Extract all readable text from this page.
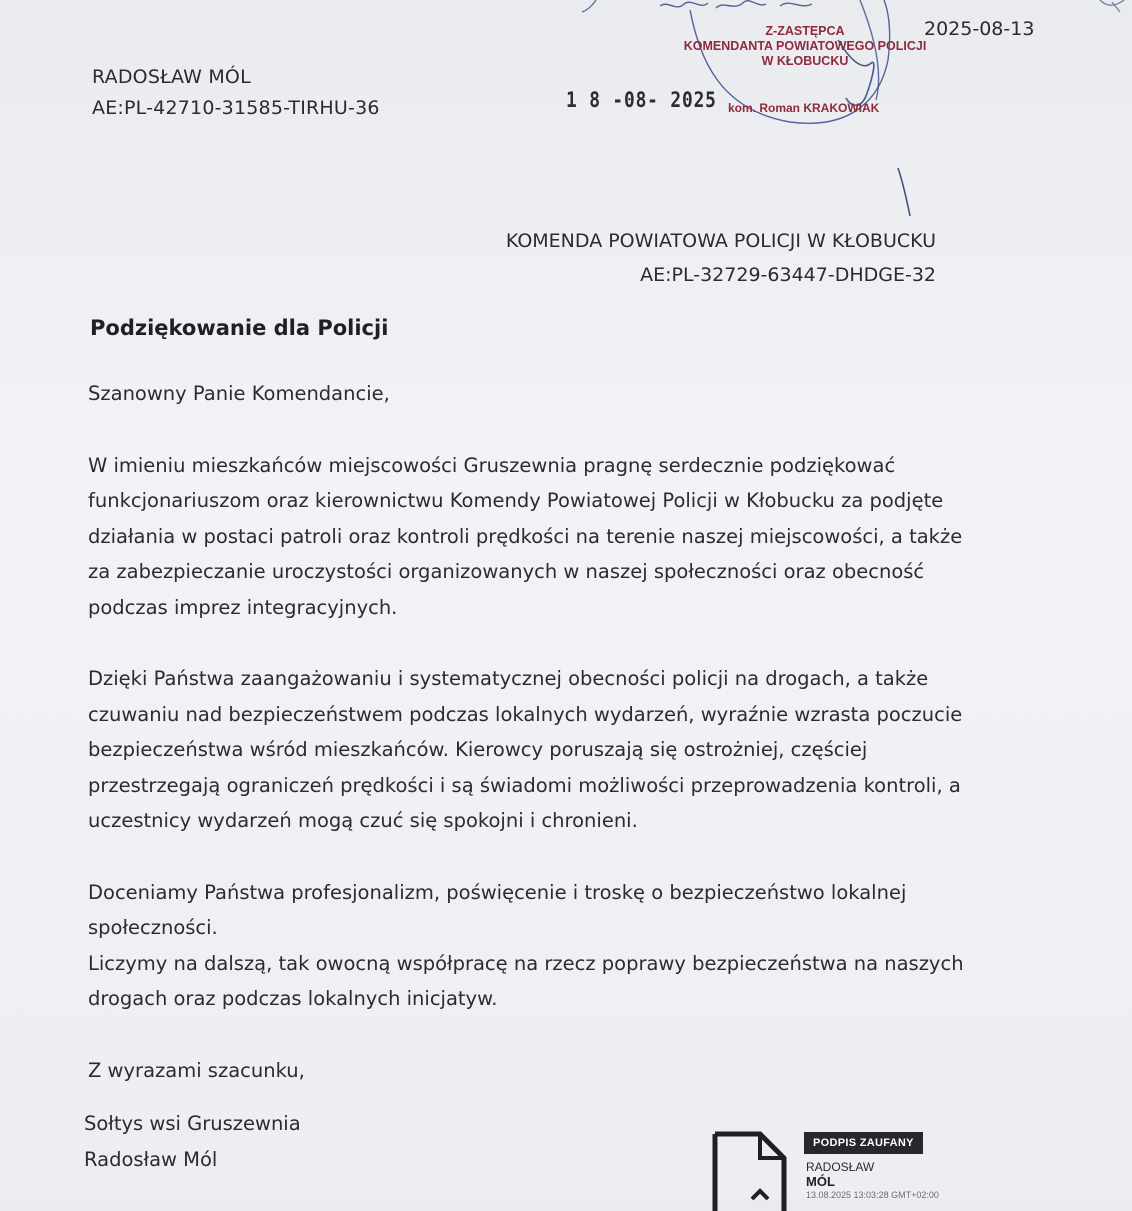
2025-08-13
RADOSŁAW MÓL
AE:PL-42710-31585-TIRHU-36	1 8 -08- 2025
Z-ZASTĘPCA
KOMENDANTA POWIATOWEGO POLICJI
W KŁOBUCKU
kom. Roman KRAKOWIAK
KOMENDA POWIATOWA POLICJI W KŁOBUCKU
AE:PL-32729-63447-DHDGE-32
Podziękowanie dla Policji

Szanowny Panie Komendancie,

W imieniu mieszkańców miejscowości Gruszewnia pragnę serdecznie podziękować
funkcjonariuszom oraz kierownictwu Komendy Powiatowej Policji w Kłobucku za podjęte
działania w postaci patroli oraz kontroli prędkości na terenie naszej miejscowości, a także
za zabezpieczanie uroczystości organizowanych w naszej społeczności oraz obecność
podczas imprez integracyjnych.

Dzięki Państwa zaangażowaniu i systematycznej obecności policji na drogach, a także
czuwaniu nad bezpieczeństwem podczas lokalnych wydarzeń, wyraźnie wzrasta poczucie
bezpieczeństwa wśród mieszkańców. Kierowcy poruszają się ostrożniej, częściej
przestrzegają ograniczeń prędkości i są świadomi możliwości przeprowadzenia kontroli, a
uczestnicy wydarzeń mogą czuć się spokojni i chronieni.

Doceniamy Państwa profesjonalizm, poświęcenie i troskę o bezpieczeństwo lokalnej
społeczności.
Liczymy na dalszą, tak owocną współpracę na rzecz poprawy bezpieczeństwa na naszych
drogach oraz podczas lokalnych inicjatyw.

Z wyrazami szacunku,

Sołtys wsi Gruszewnia
Radosław Mól
PODPIS ZAUFANY
RADOSŁAW
MÓL
13.08.2025 13:03:28 GMT+02:00
